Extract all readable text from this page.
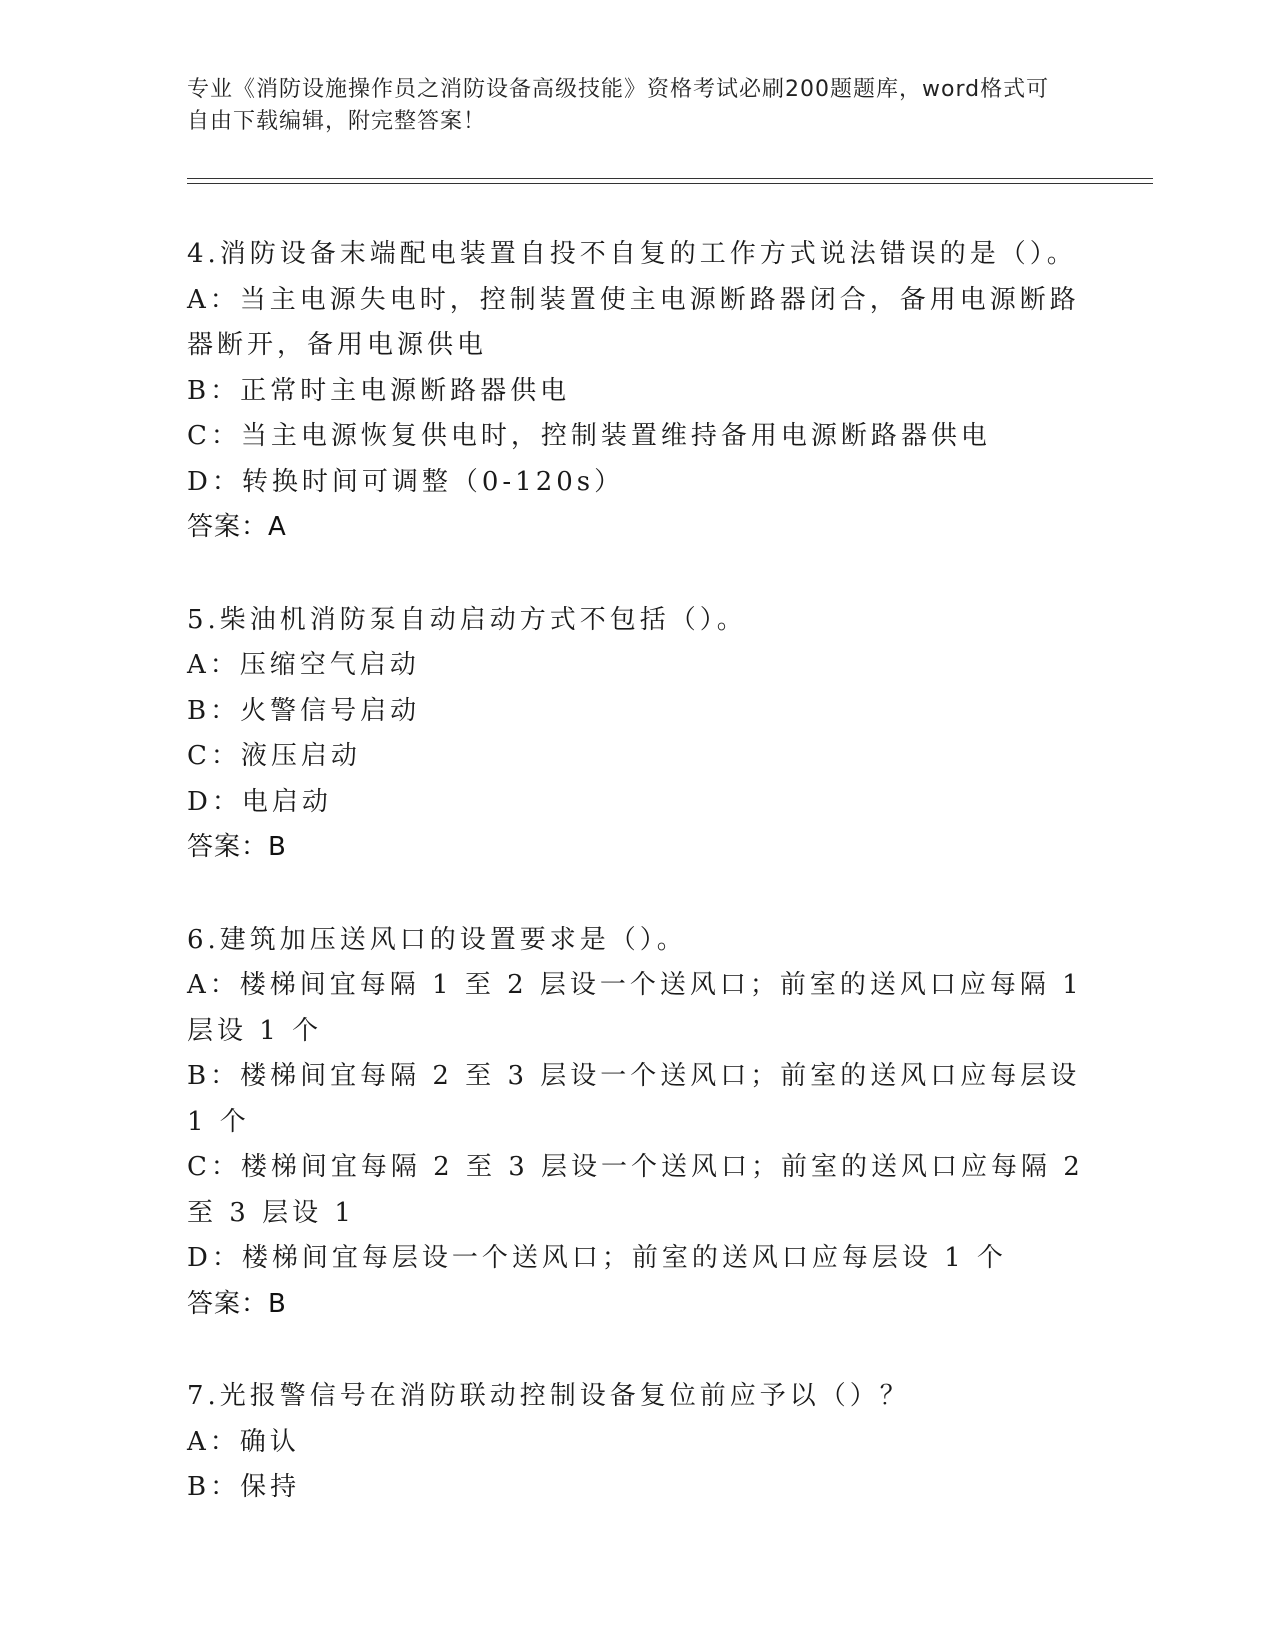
专业《消防设施操作员之消防设备高级技能》资格考试必刷200题题库，word格式可自由下载编辑，附完整答案！
4.消防设备末端配电装置自投不自复的工作方式说法错误的是（）。
A：当主电源失电时，控制装置使主电源断路器闭合，备用电源断路器断开，备用电源供电
B：正常时主电源断路器供电
C：当主电源恢复供电时，控制装置维持备用电源断路器供电
D：转换时间可调整（0-120s）
答案：A
5.柴油机消防泵自动启动方式不包括（）。
A：压缩空气启动
B：火警信号启动
C：液压启动
D：电启动
答案：B
6.建筑加压送风口的设置要求是（）。
A：楼梯间宜每隔 1 至 2 层设一个送风口；前室的送风口应每隔 1 层设 1 个
B：楼梯间宜每隔 2 至 3 层设一个送风口；前室的送风口应每层设 1 个
C：楼梯间宜每隔 2 至 3 层设一个送风口；前室的送风口应每隔 2 至 3 层设 1
D：楼梯间宜每层设一个送风口；前室的送风口应每层设 1 个
答案：B
7.光报警信号在消防联动控制设备复位前应予以（）？
A：确认
B：保持
